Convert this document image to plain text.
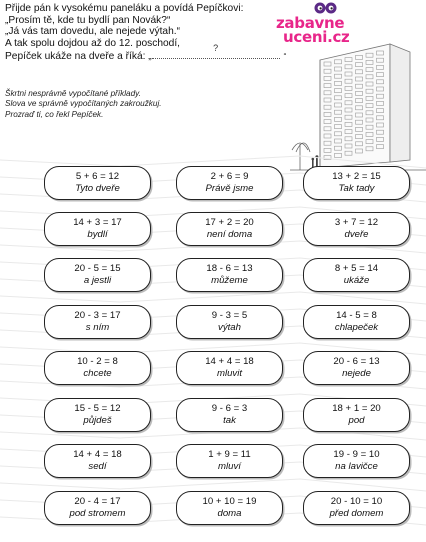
Přijde pán k vysokému paneláku a povídá Pepíčkovi:
„Prosím tě, kde tu bydlí pan Novák?“
„Já vás tam dovedu, ale nejede výtah.“
A tak spolu dojdou až do 12. poschodí,
Pepíček ukáže na dveře a říká: „
?
“
Škrtni nesprávně vypočítané příklady.
Slova ve správně vypočítaných zakroužkuj.
Prozraď ti, co řekl Pepíček.
zabavne
uceni.cz
5 + 6 = 12
Tyto dveře
14 + 3 = 17
bydlí
20 - 5 = 15
a jestli
20 - 3 = 17
s ním
10 - 2 = 8
chcete
15 - 5 = 12
půjdeš
14 + 4 = 18
sedí
20 - 4 = 17
pod stromem
2 + 6 = 9
Právě jsme
17 + 2 = 20
není doma
18 - 6 = 13
můžeme
9 - 3 = 5
výtah
14 + 4 = 18
mluvit
9 - 6 = 3
tak
1 + 9 = 11
mluví
10 + 10 = 19
doma
13 + 2 = 15
Tak tady
3 + 7 = 12
dveře
8 + 5 = 14
ukáže
14 - 5 = 8
chlapeček
20 - 6 = 13
nejede
18 + 1 = 20
pod
19 - 9 = 10
na lavičce
20 - 10 = 10
před domem
